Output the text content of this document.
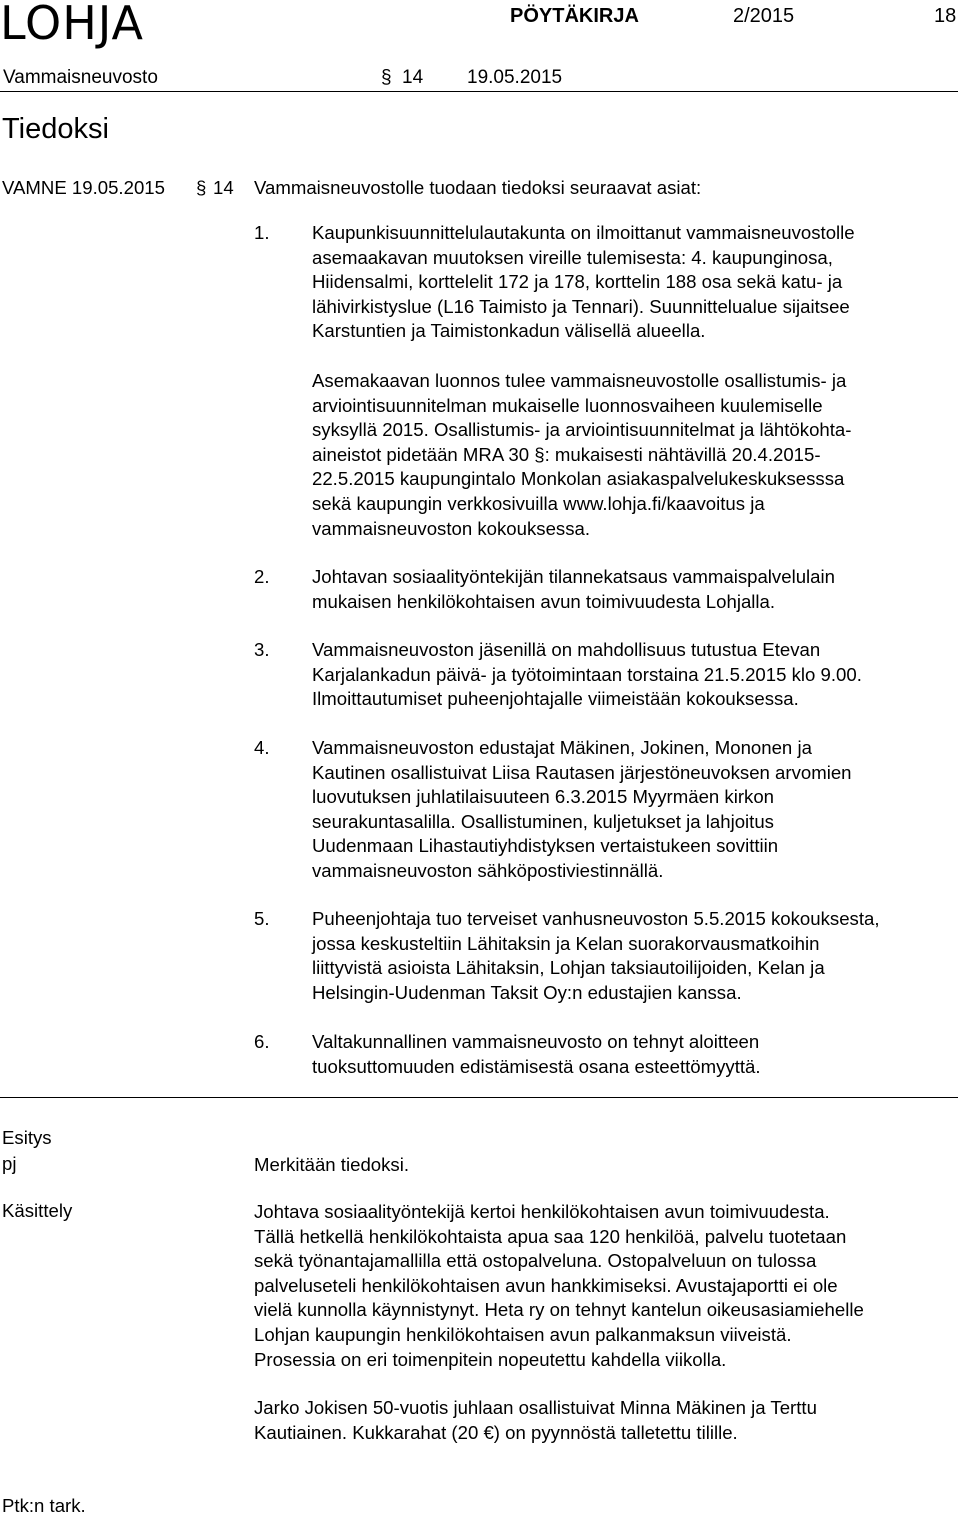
LOHJA	PÖYTÄKIRJA	2/2015	18
Vammaisneuvosto	§ 14 19.05.2015
Tiedoksi
VAMNE 19.05.2015 § 14 Vammaisneuvostolle tuodaan tiedoksi seuraavat asiat:
1. Kaupunkisuunnittelulautakunta on ilmoittanut vammaisneuvostolle
asemaakavan muutoksen vireille tulemisesta: 4. kaupunginosa,
Hiidensalmi, korttelelit 172 ja 178, korttelin 188 osa sekä katu- ja
lähivirkistyslue (L16 Taimisto ja Tennari). Suunnittelualue sijaitsee
Karstuntien ja Taimistonkadun välisellä alueella.
Asemakaavan luonnos tulee vammaisneuvostolle osallistumis- ja
arviointisuunnitelman mukaiselle luonnosvaiheen kuulemiselle
syksyllä 2015. Osallistumis- ja arviointisuunnitelmat ja lähtökohta-
aineistot pidetään MRA 30 §: mukaisesti nähtävillä 20.4.2015-
22.5.2015 kaupungintalo Monkolan asiakaspalvelukeskuksesssa
sekä kaupungin verkkosivuilla www.lohja.fi/kaavoitus ja
vammaisneuvoston kokouksessa.
2. Johtavan sosiaalityöntekijän tilannekatsaus vammaispalvelulain
mukaisen henkilökohtaisen avun toimivuudesta Lohjalla.
3. Vammaisneuvoston jäsenillä on mahdollisuus tutustua Etevan
Karjalankadun päivä- ja työtoimintaan torstaina 21.5.2015 klo 9.00.
Ilmoittautumiset puheenjohtajalle viimeistään kokouksessa.
4. Vammaisneuvoston edustajat Mäkinen, Jokinen, Mononen ja
Kautinen osallistuivat Liisa Rautasen järjestöneuvoksen arvomien
luovutuksen juhlatilaisuuteen 6.3.2015 Myyrmäen kirkon
seurakuntasalilla. Osallistuminen, kuljetukset ja lahjoitus
Uudenmaan Lihastautiyhdistyksen vertaistukeen sovittiin
vammaisneuvoston sähköpostiviestinnällä.
5. Puheenjohtaja tuo terveiset vanhusneuvoston 5.5.2015 kokouksesta,
jossa keskusteltiin Lähitaksin ja Kelan suorakorvausmatkoihin
liittyvistä asioista Lähitaksin, Lohjan taksiautoilijoiden, Kelan ja
Helsingin-Uudenman Taksit Oy:n edustajien kanssa.
6. Valtakunnallinen vammaisneuvosto on tehnyt aloitteen
tuoksuttomuuden edistämisestä osana esteettömyyttä.
Esitys
pj	Merkitään tiedoksi.
Käsittely	Johtava sosiaalityöntekijä kertoi henkilökohtaisen avun toimivuudesta.
Tällä hetkellä henkilökohtaista apua saa 120 henkilöä, palvelu tuotetaan
sekä työnantajamallilla että ostopalveluna. Ostopalveluun on tulossa
palveluseteli henkilökohtaisen avun hankkimiseksi. Avustajaportti ei ole
vielä kunnolla käynnistynyt. Heta ry on tehnyt kantelun oikeusasiamiehelle
Lohjan kaupungin henkilökohtaisen avun palkanmaksun viiveistä.
Prosessia on eri toimenpitein nopeutettu kahdella viikolla.
Jarko Jokisen 50-vuotis juhlaan osallistuivat Minna Mäkinen ja Terttu
Kautiainen. Kukkarahat (20 €) on pyynnöstä talletettu tilille.
Ptk:n tark.
